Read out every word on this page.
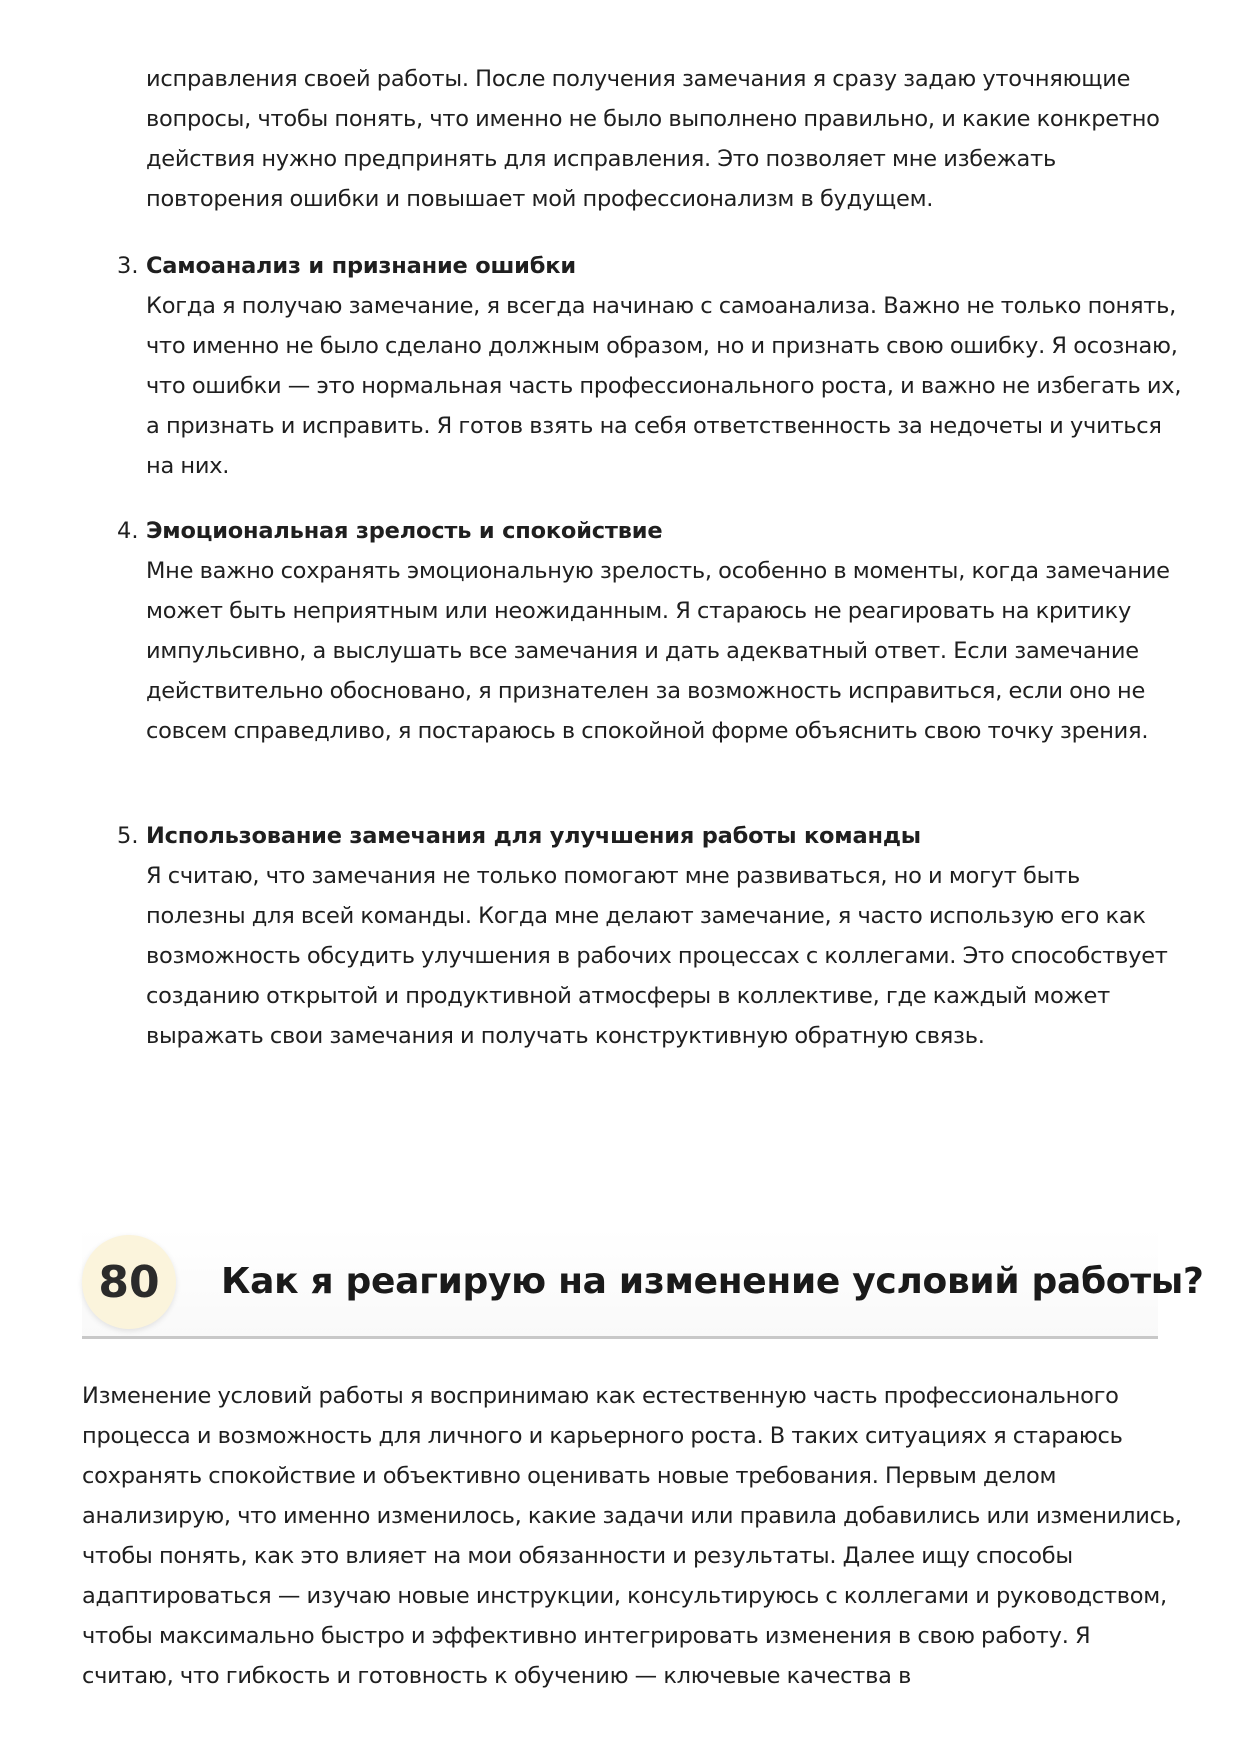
исправления своей работы. После получения замечания я сразу задаю уточняющие вопросы, чтобы понять, что именно не было выполнено правильно, и какие конкретно действия нужно предпринять для исправления. Это позволяет мне избежать повторения ошибки и повышает мой профессионализм в будущем.

3. Самоанализ и признание ошибки

Когда я получаю замечание, я всегда начинаю с самоанализа. Важно не только понять, что именно не было сделано должным образом, но и признать свою ошибку. Я осознаю, что ошибки — это нормальная часть профессионального роста, и важно не избегать их, а признать и исправить. Я готов взять на себя ответственность за недочеты и учиться на них.

4. Эмоциональная зрелость и спокойствие

Мне важно сохранять эмоциональную зрелость, особенно в моменты, когда замечание может быть неприятным или неожиданным. Я стараюсь не реагировать на критику импульсивно, а выслушать все замечания и дать адекватный ответ. Если замечание действительно обосновано, я признателен за возможность исправиться, если оно не совсем справедливо, я постараюсь в спокойной форме объяснить свою точку зрения.

5. Использование замечания для улучшения работы команды

Я считаю, что замечания не только помогают мне развиваться, но и могут быть полезны для всей команды. Когда мне делают замечание, я часто использую его как возможность обсудить улучшения в рабочих процессах с коллегами. Это способствует созданию открытой и продуктивной атмосферы в коллективе, где каждый может выражать свои замечания и получать конструктивную обратную связь.

80	Как я реагирую на изменение условий работы?

Изменение условий работы я воспринимаю как естественную часть профессионального процесса и возможность для личного и карьерного роста. В таких ситуациях я стараюсь сохранять спокойствие и объективно оценивать новые требования. Первым делом анализирую, что именно изменилось, какие задачи или правила добавились или изменились, чтобы понять, как это влияет на мои обязанности и результаты. Далее ищу способы адаптироваться — изучаю новые инструкции, консультируюсь с коллегами и руководством, чтобы максимально быстро и эффективно интегрировать изменения в свою работу. Я считаю, что гибкость и готовность к обучению — ключевые качества в
